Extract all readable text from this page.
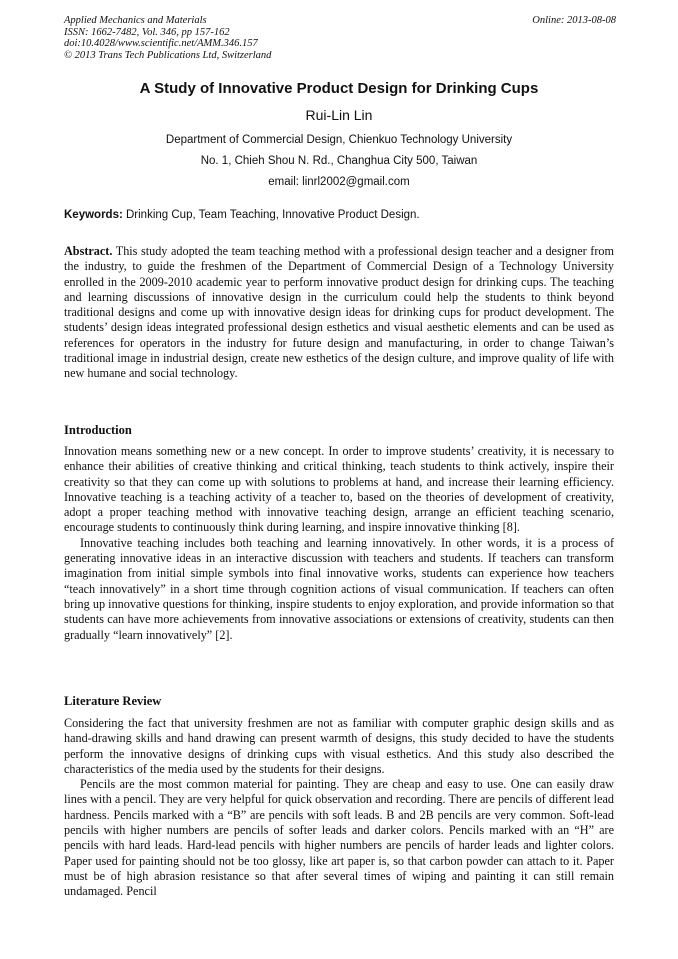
Applied Mechanics and Materials
ISSN: 1662-7482, Vol. 346, pp 157-162
doi:10.4028/www.scientific.net/AMM.346.157
© 2013 Trans Tech Publications Ltd, Switzerland
Online: 2013-08-08
A Study of Innovative Product Design for Drinking Cups
Rui-Lin Lin
Department of Commercial Design, Chienkuo Technology University
No. 1, Chieh Shou N. Rd., Changhua City 500, Taiwan
email: linrl2002@gmail.com
Keywords: Drinking Cup, Team Teaching, Innovative Product Design.

Abstract. This study adopted the team teaching method with a professional design teacher and a designer from the industry, to guide the freshmen of the Department of Commercial Design of a Technology University enrolled in the 2009-2010 academic year to perform innovative product design for drinking cups. The teaching and learning discussions of innovative design in the curriculum could help the students to think beyond traditional designs and come up with innovative design ideas for drinking cups for product development. The students’ design ideas integrated professional design esthetics and visual aesthetic elements and can be used as references for operators in the industry for future design and manufacturing, in order to change Taiwan’s traditional image in industrial design, create new esthetics of the design culture, and improve quality of life with new humane and social technology.

Introduction

Innovation means something new or a new concept. In order to improve students’ creativity, it is necessary to enhance their abilities of creative thinking and critical thinking, teach students to think actively, inspire their creativity so that they can come up with solutions to problems at hand, and increase their learning efficiency. Innovative teaching is a teaching activity of a teacher to, based on the theories of development of creativity, adopt a proper teaching method with innovative teaching design, arrange an efficient teaching scenario, encourage students to continuously think during learning, and inspire innovative thinking [8].

Innovative teaching includes both teaching and learning innovatively. In other words, it is a process of generating innovative ideas in an interactive discussion with teachers and students. If teachers can transform imagination from initial simple symbols into final innovative works, students can experience how teachers “teach innovatively” in a short time through cognition actions of visual communication. If teachers can often bring up innovative questions for thinking, inspire students to enjoy exploration, and provide information so that students can have more achievements from innovative associations or extensions of creativity, students can then gradually “learn innovatively” [2].

Literature Review

Considering the fact that university freshmen are not as familiar with computer graphic design skills and as hand-drawing skills and hand drawing can present warmth of designs, this study decided to have the students perform the innovative designs of drinking cups with visual esthetics. And this study also described the characteristics of the media used by the students for their designs.

Pencils are the most common material for painting. They are cheap and easy to use. One can easily draw lines with a pencil. They are very helpful for quick observation and recording. There are pencils of different lead hardness. Pencils marked with a “B” are pencils with soft leads. B and 2B pencils are very common. Soft-lead pencils with higher numbers are pencils of softer leads and darker colors. Pencils marked with an “H” are pencils with hard leads. Hard-lead pencils with higher numbers are pencils of harder leads and lighter colors. Paper used for painting should not be too glossy, like art paper is, so that carbon powder can attach to it. Paper must be of high abrasion resistance so that after several times of wiping and painting it can still remain undamaged. Pencil
